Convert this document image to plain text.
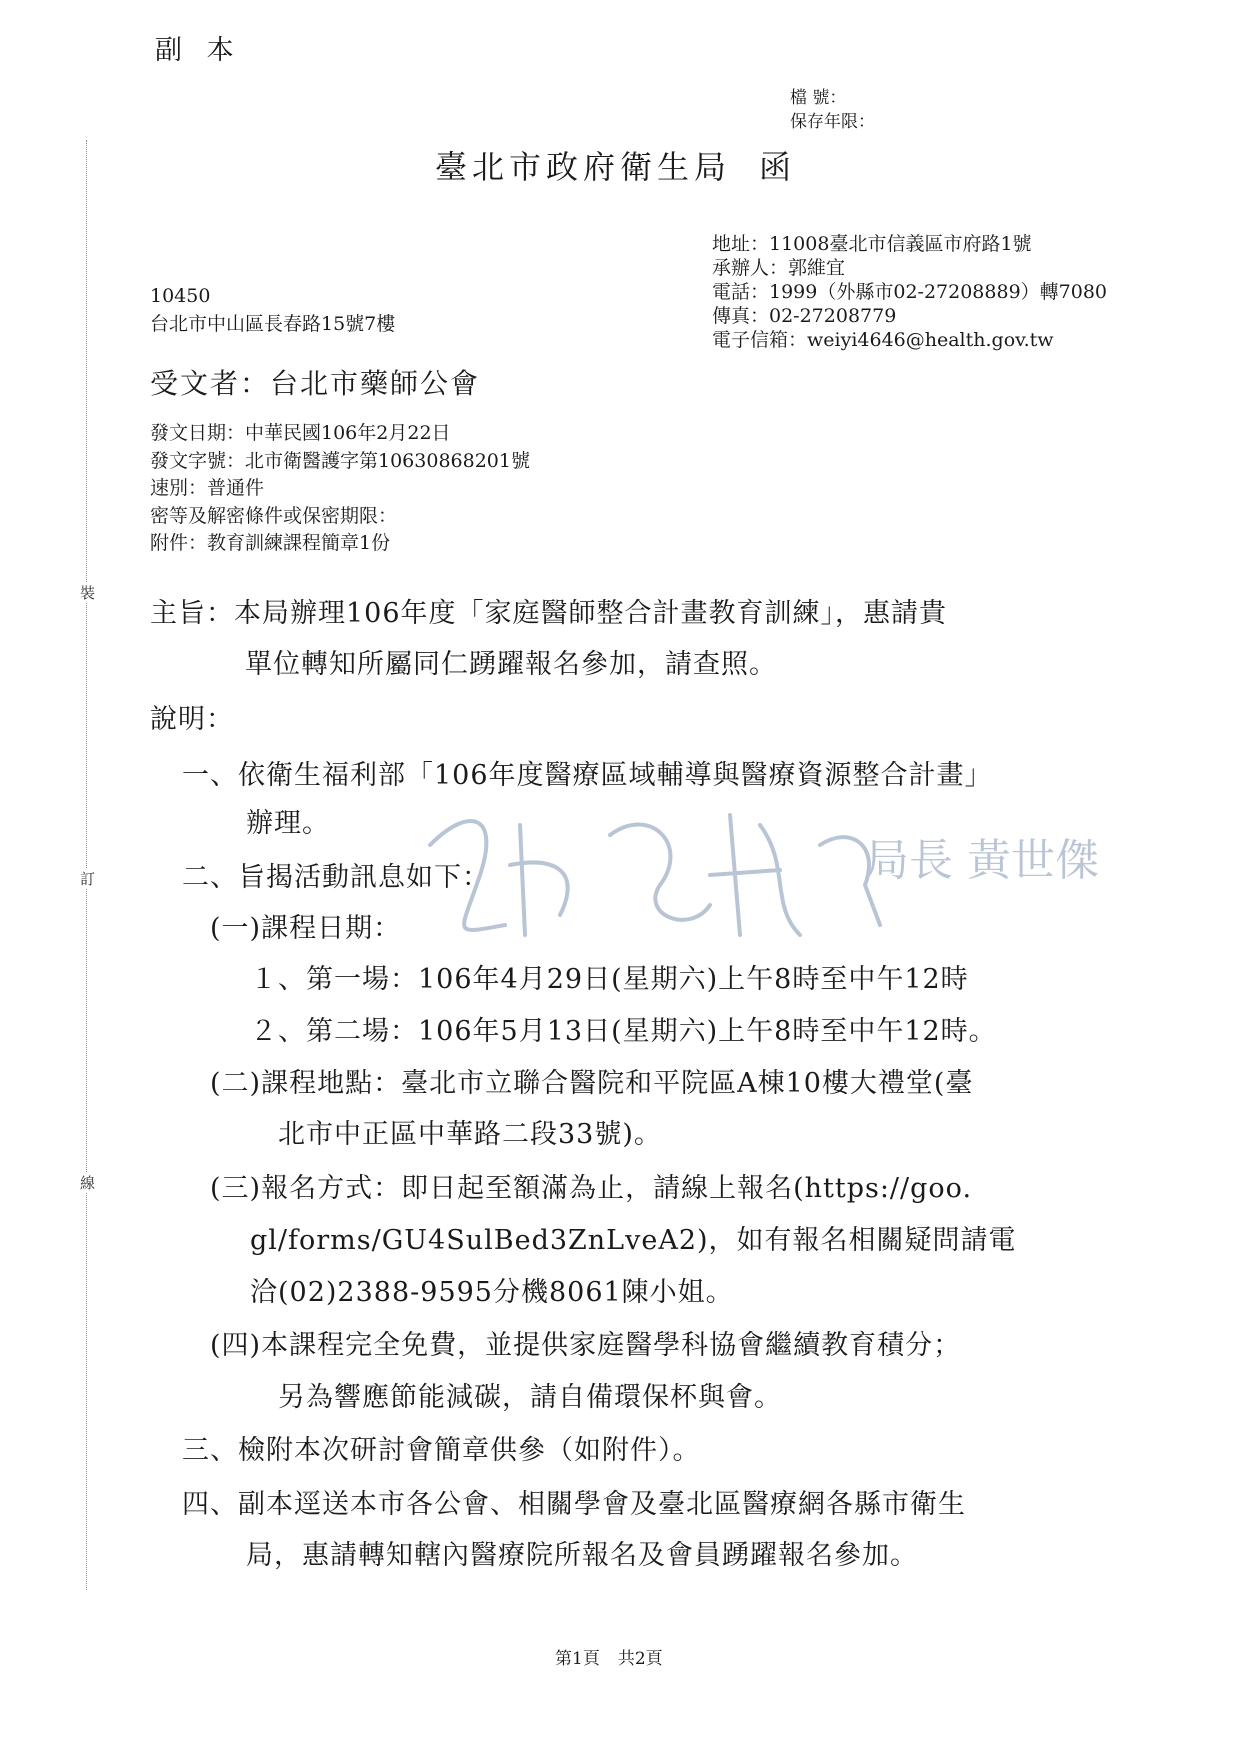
副 本
檔 號：
保存年限：
臺北市政府衛生局 函
地址：11008臺北市信義區市府路1號
承辦人：郭維宜
電話：1999（外縣市02-27208889）轉7080
傳真：02-27208779
電子信箱：weiyi4646@health.gov.tw
10450
台北市中山區長春路15號7樓
受文者：台北市藥師公會
發文日期：中華民國106年2月22日
發文字號：北市衛醫護字第10630868201號
速別：普通件
密等及解密條件或保密期限：
附件：教育訓練課程簡章1份
裝
訂
線
局長 黃世傑
主旨：本局辦理106年度「家庭醫師整合計畫教育訓練」，惠請貴
單位轉知所屬同仁踴躍報名參加，請查照。
說明：
一、依衛生福利部「106年度醫療區域輔導與醫療資源整合計畫」
辦理。
二、旨揭活動訊息如下：
(一)課程日期：
１、第一場：106年4月29日(星期六)上午8時至中午12時
２、第二場：106年5月13日(星期六)上午8時至中午12時。
(二)課程地點：臺北市立聯合醫院和平院區A棟10樓大禮堂(臺
北市中正區中華路二段33號)。
(三)報名方式：即日起至額滿為止，請線上報名(https://goo.
gl/forms/GU4SulBed3ZnLveA2)，如有報名相關疑問請電
洽(02)2388-9595分機8061陳小姐。
(四)本課程完全免費，並提供家庭醫學科協會繼續教育積分；
另為響應節能減碳，請自備環保杯與會。
三、檢附本次研討會簡章供參（如附件）。
四、副本逕送本市各公會、相關學會及臺北區醫療網各縣市衛生
局，惠請轉知轄內醫療院所報名及會員踴躍報名參加。
第1頁 共2頁
